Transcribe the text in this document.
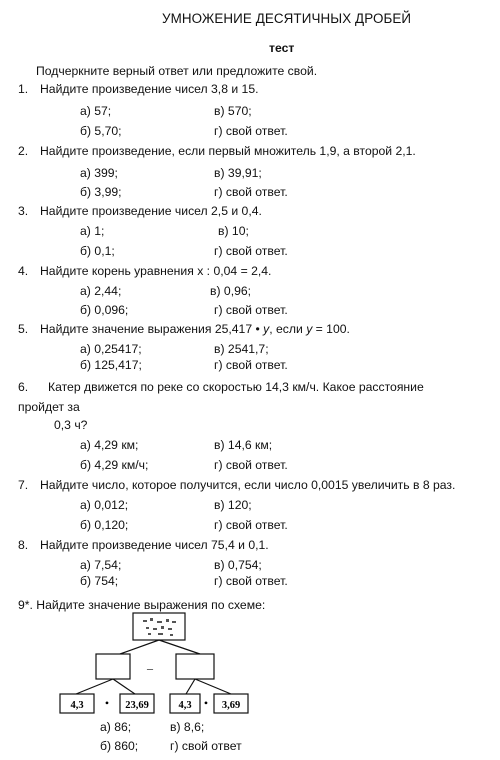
УМНОЖЕНИЕ ДЕСЯТИЧНЫХ ДРОБЕЙ
тест
Подчеркните верный ответ или предложите свой.
1. Найдите произведение чисел 3,8 и 15.
а) 57;	в) 570;
б) 5,70;	г) свой ответ.
2. Найдите произведение, если первый множитель 1,9, а второй 2,1.
а) 399;	в) 39,91;
б) 3,99;	г) свой ответ.
3. Найдите произведение чисел 2,5 и 0,4.
а) 1;	в) 10;
б) 0,1;	г) свой ответ.
4. Найдите корень уравнения х : 0,04 = 2,4.
а) 2,44;	в) 0,96;
б) 0,096;	г) свой ответ.
5. Найдите значение выражения 25,417 • у, если у = 100.
а) 0,25417;	в) 2541,7;
б) 125,417;	г) свой ответ.
6. Катер движется по реке со скоростью 14,3 км/ч. Какое расстояние
пройдет за
0,3 ч?
а) 4,29 км;	в) 14,6 км;
б) 4,29 км/ч;	г) свой ответ.
7. Найдите число, которое получится, если число 0,0015 увеличить в 8 раз.
а) 0,012;	в) 120;
б) 0,120;	г) свой ответ.
8. Найдите произведение чисел 75,4 и 0,1.
а) 7,54;	в) 0,754;
б) 754;	г) свой ответ.
9*. Найдите значение выражения по схеме:
–
4,3 • 23,69	4,3 • 3,69
а) 86;	в) 8,6;
б) 860;	г) свой ответ
